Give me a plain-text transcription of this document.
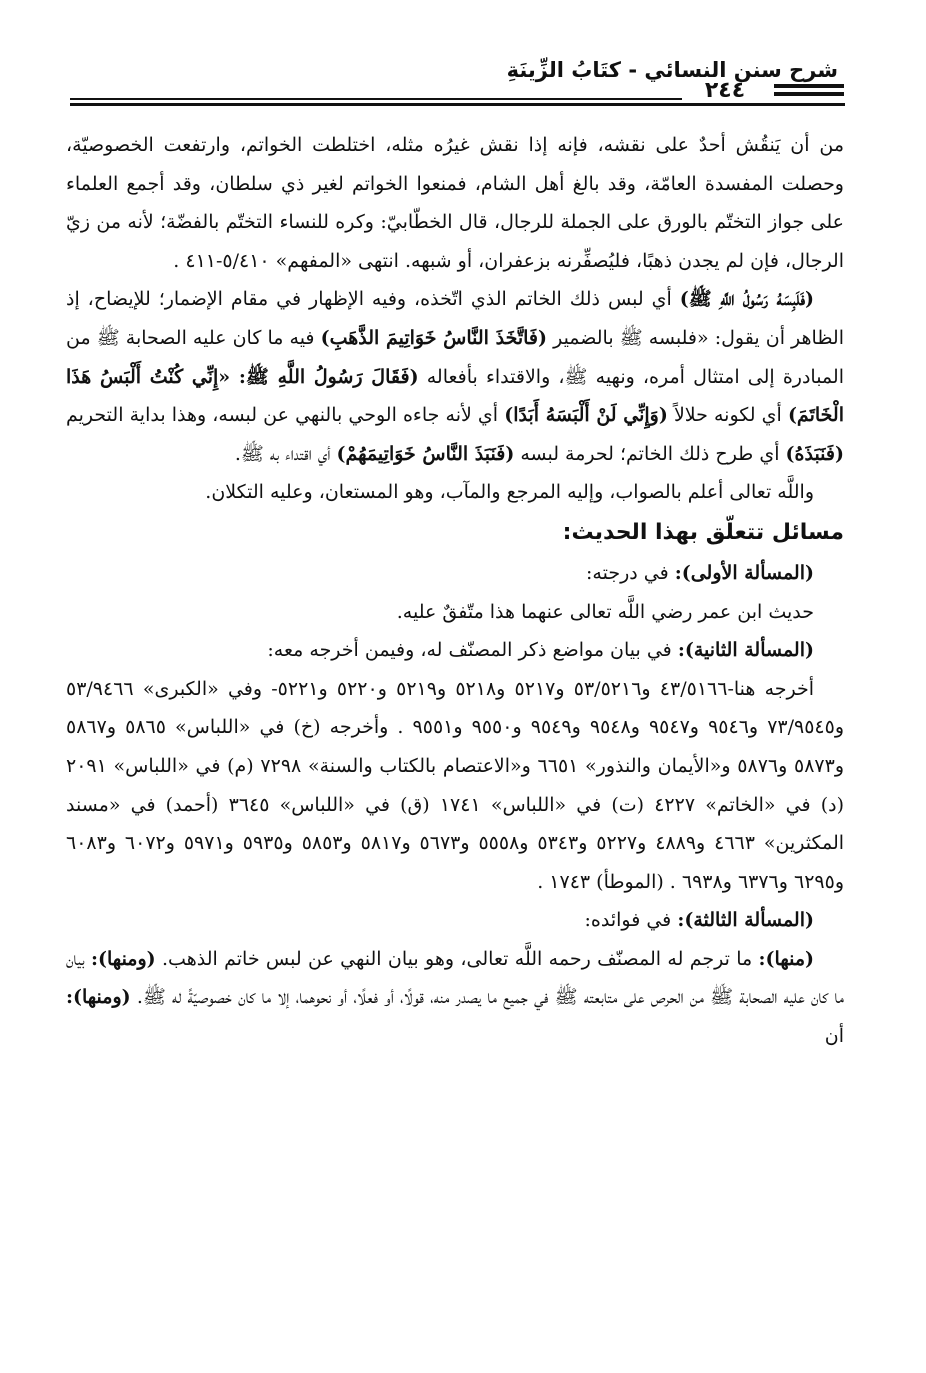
شرح سنن النسائي - كتَابُ الزِّينَةِ
٢٤٤

من أن يَنقُش أحدٌ على نقشه، فإنه إذا نقش غيرُه مثله، اختلطت الخواتم، وارتفعت الخصوصيّة، وحصلت المفسدة العامّة، وقد بالغ أهل الشام، فمنعوا الخواتم لغير ذي سلطان، وقد أجمع العلماء على جواز التختّم بالورق على الجملة للرجال، قال الخطّابيّ: وكره للنساء التختّم بالفضّة؛ لأنه من زيّ الرجال، فإن لم يجدن ذهبًا، فليُصفِّرنه بزعفران، أو شبهه. انتهى «المفهم» ٥/٤١٠-٤١١ .

(فَلَبِسَهُ رَسُولُ اللَّهِ ﷺ) أي لبس ذلك الخاتم الذي اتّخذه، وفيه الإظهار في مقام الإضمار؛ للإيضاح، إذ الظاهر أن يقول: «فلبسه ﷺ بالضمير (فَاتَّخَذَ النَّاسُ خَوَاتِيمَ الذَّهَبِ) فيه ما كان عليه الصحابة ﷺ من المبادرة إلى امتثال أمره، ونهيه ﷺ، والاقتداء بأفعاله (فَقَالَ رَسُولُ اللَّهِ ﷺ: «إِنِّي كُنْتُ أَلْبَسُ هَذَا الْخَاتَمَ) أي لكونه حلالاً (وَإِنِّي لَنْ أَلْبَسَهُ أَبَدًا) أي لأنه جاءه الوحي بالنهي عن لبسه، وهذا بداية التحريم (فَنَبَذَهُ) أي طرح ذلك الخاتم؛ لحرمة لبسه (فَنَبَذَ النَّاسُ خَوَاتِيمَهُمْ) أي اقتداء به ﷺ.

واللَّه تعالى أعلم بالصواب، وإليه المرجع والمآب، وهو المستعان، وعليه التكلان.

مسائل تتعلّق بهذا الحديث:

(المسألة الأولى): في درجته:

حديث ابن عمر رضي اللَّه تعالى عنهما هذا متّفقٌ عليه.

(المسألة الثانية): في بيان مواضع ذكر المصنّف له، وفيمن أخرجه معه:

أخرجه هنا-٤٣/٥١٦٦ و٥٣/٥٢١٦ و٥٢١٧ و٥٢١٨ و٥٢١٩ و٥٢٢٠ و٥٢٢١- وفي «الكبرى» ٥٣/٩٤٦٦ و٧٣/٩٥٤٥ و٩٥٤٦ و٩٥٤٧ و٩٥٤٨ و٩٥٤٩ و٩٥٥٠ و٩٥٥١ . وأخرجه (خ) في «اللباس» ٥٨٦٥ و٥٨٦٧ و٥٨٧٣ و٥٨٧٦ و«الأيمان والنذور» ٦٦٥١ و«الاعتصام بالكتاب والسنة» ٧٢٩٨ (م) في «اللباس» ٢٠٩١ (د) في «الخاتم» ٤٢٢٧ (ت) في «اللباس» ١٧٤١ (ق) في «اللباس» ٣٦٤٥ (أحمد) في «مسند المكثرين» ٤٦٦٣ و٤٨٨٩ و٥٢٢٧ و٥٣٤٣ و٥٥٥٨ و٥٦٧٣ و٥٨١٧ و٥٨٥٣ و٥٩٣٥ و٥٩٧١ و٦٠٧٢ و٦٠٨٣ و٦٢٩٥ و٦٣٧٦ و٦٩٣٨ . (الموطأ) ١٧٤٣ .

(المسألة الثالثة): في فوائده:

(منها): ما ترجم له المصنّف رحمه اللَّه تعالى، وهو بيان النهي عن لبس خاتم الذهب. (ومنها): بيان ما كان عليه الصحابة ﷺ من الحرص على متابعته ﷺ في جميع ما يصدر منه، قولًا، أو فعلًا، أو نحوهما، إلا ما كان خصوصيّةً له ﷺ. (ومنها): أن
